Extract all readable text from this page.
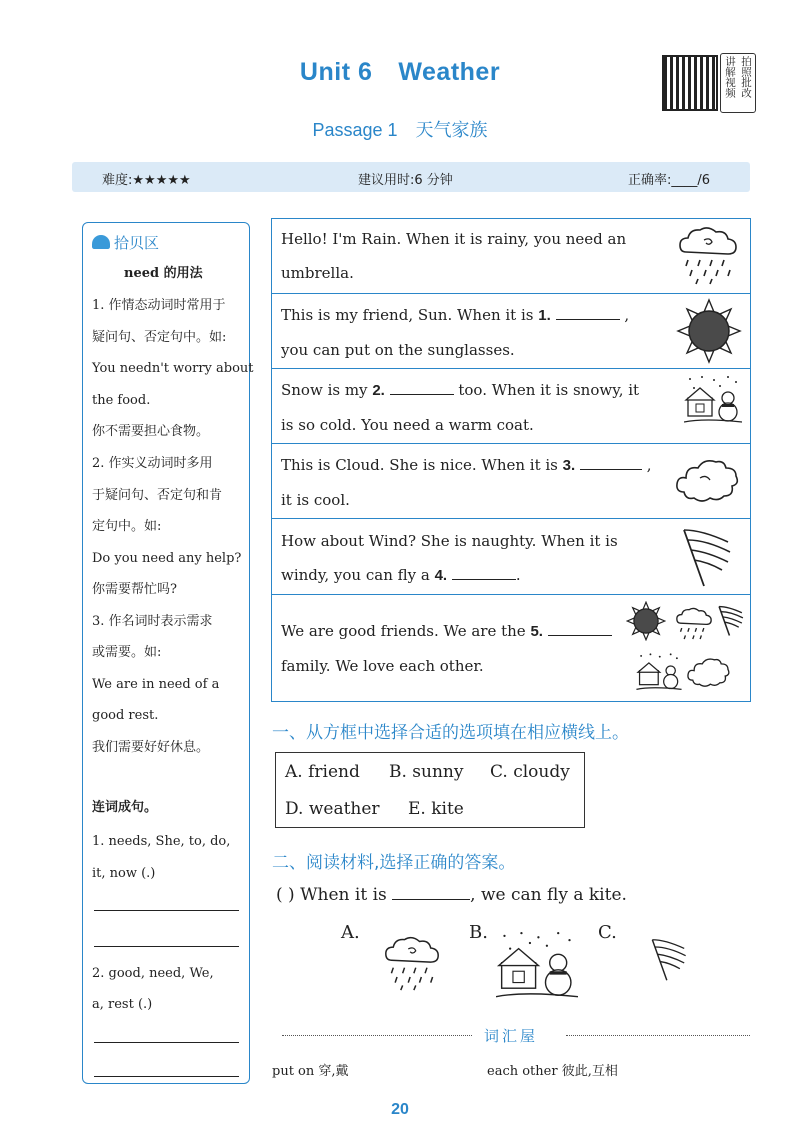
Unit 6 Weather
Passage 1 天气家族
拍照批改
讲解视频
难度:★★★★★	建议用时:6 分钟	正确率:____/6
拾贝区
need 的用法
1. 作情态动词时常用于
疑问句、否定句中。如:
You needn't worry about
the food.
你不需要担心食物。
2. 作实义动词时多用
于疑问句、否定句和肯
定句中。如:
Do you need any help?
你需要帮忙吗?
3. 作名词时表示需求
或需要。如:
We are in need of a
good rest.
我们需要好好休息。
连词成句。
1. needs, She, to, do,
it, now (.)
2. good, need, We,
a, rest (.)
Hello! I'm Rain. When it is rainy, you need an
umbrella.
This is my friend, Sun. When it is 1.	,
you can put on the sunglasses.
Snow is my 2.	too. When it is snowy, it
is so cold. You need a warm coat.
This is Cloud. She is nice. When it is 3.	,
it is cool.
How about Wind? She is naughty. When it is
windy, you can fly a 4.	.
We are good friends. We are the 5.
family. We love each other.
一、从方框中选择合适的选项填在相应横线上。
A. friend B. sunny C. cloudy
D. weather E. kite
二、阅读材料,选择正确的答案。
( ) When it is	, we can fly a kite.
A.	B.	C.
词汇屋
put on 穿,戴	each other 彼此,互相
20
